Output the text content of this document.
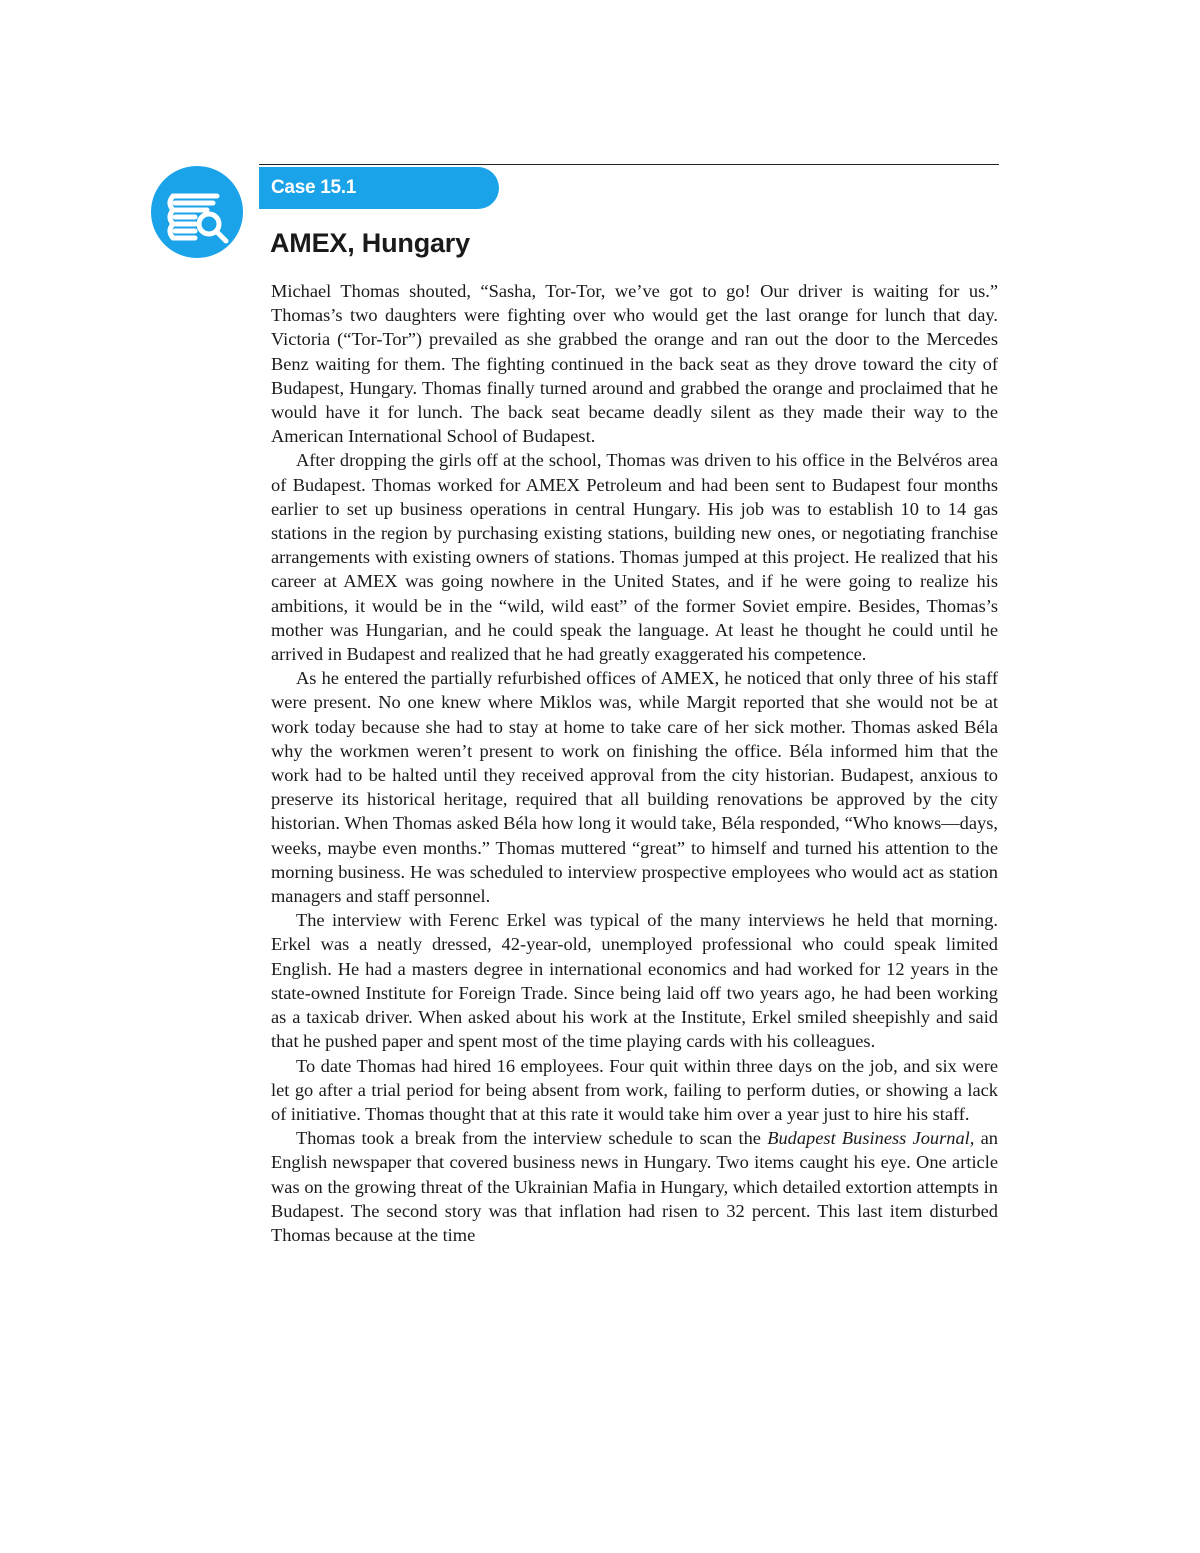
Case 15.1
AMEX, Hungary

Michael Thomas shouted, “Sasha, Tor-Tor, we’ve got to go! Our driver is waiting for us.” Thomas’s two daughters were fighting over who would get the last orange for lunch that day. Victoria (“Tor-Tor”) prevailed as she grabbed the orange and ran out the door to the Mercedes Benz waiting for them. The fighting continued in the back seat as they drove toward the city of Budapest, Hungary. Thomas finally turned around and grabbed the orange and proclaimed that he would have it for lunch. The back seat became deadly silent as they made their way to the American International School of Budapest.

After dropping the girls off at the school, Thomas was driven to his office in the Belvéros area of Budapest. Thomas worked for AMEX Petroleum and had been sent to Budapest four months earlier to set up business operations in central Hungary. His job was to establish 10 to 14 gas stations in the region by purchasing existing stations, building new ones, or negotiating franchise arrangements with existing owners of stations. Thomas jumped at this project. He realized that his career at AMEX was going nowhere in the United States, and if he were going to realize his ambitions, it would be in the “wild, wild east” of the former Soviet empire. Besides, Thomas’s mother was Hungarian, and he could speak the language. At least he thought he could until he arrived in Budapest and realized that he had greatly exaggerated his competence.

As he entered the partially refurbished offices of AMEX, he noticed that only three of his staff were present. No one knew where Miklos was, while Margit reported that she would not be at work today because she had to stay at home to take care of her sick mother. Thomas asked Béla why the workmen weren’t present to work on finishing the office. Béla informed him that the work had to be halted until they received approval from the city historian. Budapest, anxious to preserve its historical heritage, required that all building renovations be approved by the city historian. When Thomas asked Béla how long it would take, Béla responded, “Who knows—days, weeks, maybe even months.” Thomas muttered “great” to himself and turned his attention to the morning business. He was scheduled to interview prospective employees who would act as station managers and staff personnel.

The interview with Ferenc Erkel was typical of the many interviews he held that morning. Erkel was a neatly dressed, 42-year-old, unemployed professional who could speak limited English. He had a masters degree in international economics and had worked for 12 years in the state-owned Institute for Foreign Trade. Since being laid off two years ago, he had been working as a taxicab driver. When asked about his work at the Institute, Erkel smiled sheepishly and said that he pushed paper and spent most of the time playing cards with his colleagues.

To date Thomas had hired 16 employees. Four quit within three days on the job, and six were let go after a trial period for being absent from work, failing to perform duties, or showing a lack of initiative. Thomas thought that at this rate it would take him over a year just to hire his staff.

Thomas took a break from the interview schedule to scan the Budapest Business Journal, an English newspaper that covered business news in Hungary. Two items caught his eye. One article was on the growing threat of the Ukrainian Mafia in Hungary, which detailed extortion attempts in Budapest. The second story was that inflation had risen to 32 percent. This last item disturbed Thomas because at the time
